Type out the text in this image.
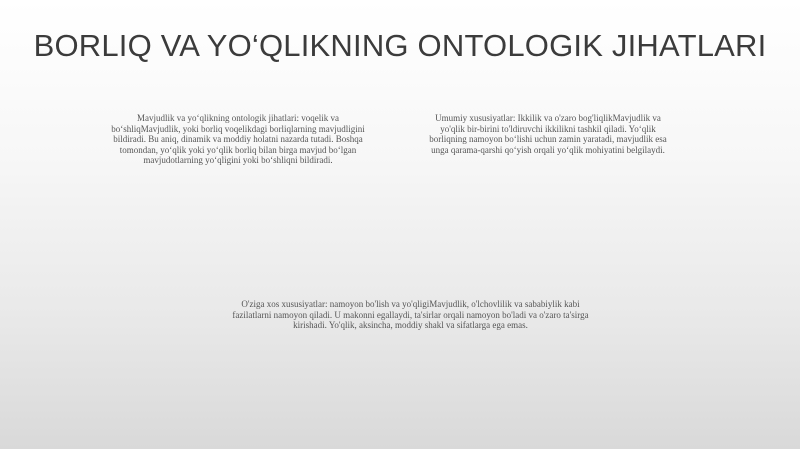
BORLIQ VA YO‘QLIKNING ONTOLOGIK JIHATLARI
Mavjudlik va yo‘qlikning ontologik jihatlari: voqelik va bo‘shliqMavjudlik, yoki borliq voqelikdagi borliqlarning mavjudligini bildiradi. Bu aniq, dinamik va moddiy holatni nazarda tutadi. Boshqa tomondan, yo‘qlik yoki yo‘qlik borliq bilan birga mavjud bo‘lgan mavjudotlarning yo‘qligini yoki bo‘shliqni bildiradi.
Umumiy xususiyatlar: Ikkilik va o'zaro bog'liqlikMavjudlik va yo'qlik bir-birini to'ldiruvchi ikkilikni tashkil qiladi. Yo‘qlik borliqning namoyon bo‘lishi uchun zamin yaratadi, mavjudlik esa unga qarama-qarshi qo‘yish orqali yo‘qlik mohiyatini belgilaydi.
O'ziga xos xususiyatlar: namoyon bo'lish va yo'qligiMavjudlik, o'lchovlilik va sababiylik kabi fazilatlarni namoyon qiladi. U makonni egallaydi, ta'sirlar orqali namoyon bo'ladi va o'zaro ta'sirga kirishadi. Yo'qlik, aksincha, moddiy shakl va sifatlarga ega emas.
